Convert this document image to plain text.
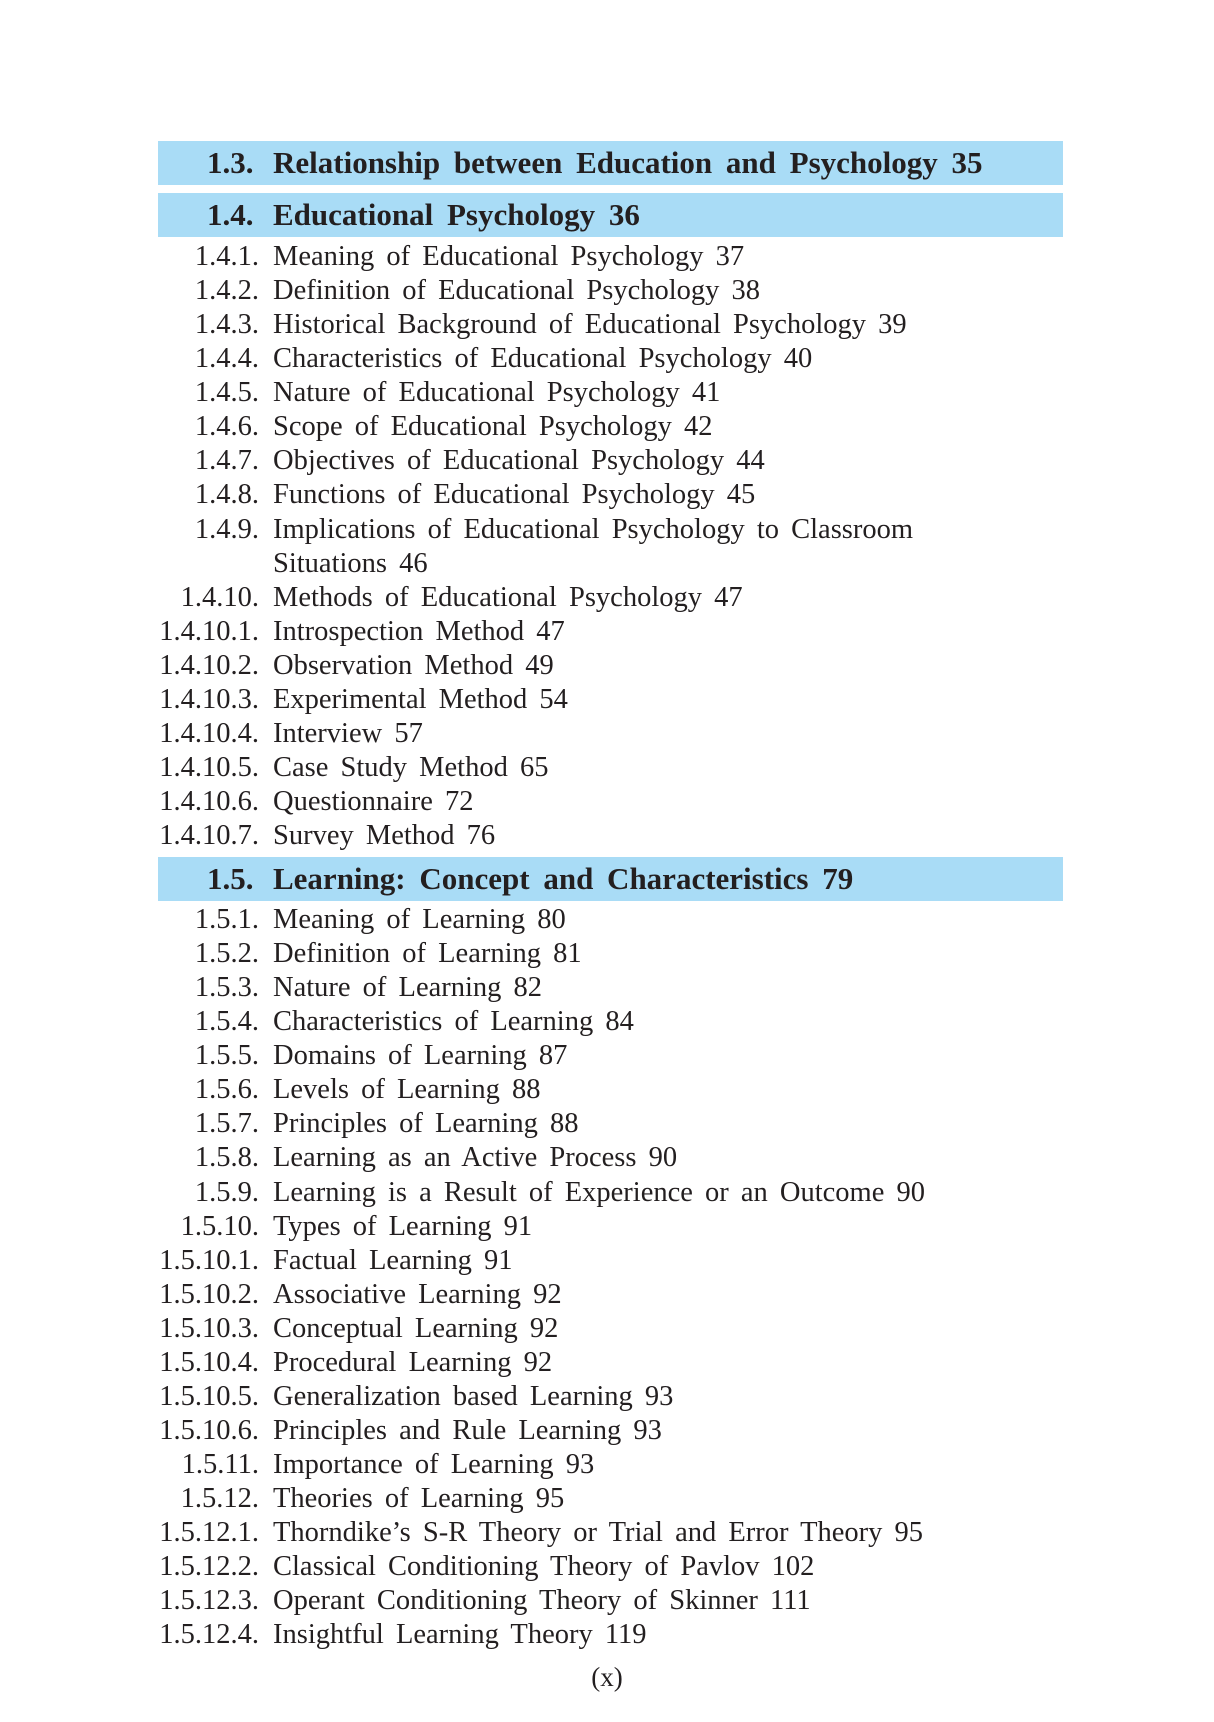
1.3. Relationship between Education and Psychology 35
1.4. Educational Psychology 36
1.4.1. Meaning of Educational Psychology 37
1.4.2. Definition of Educational Psychology 38
1.4.3. Historical Background of Educational Psychology 39
1.4.4. Characteristics of Educational Psychology 40
1.4.5. Nature of Educational Psychology 41
1.4.6. Scope of Educational Psychology 42
1.4.7. Objectives of Educational Psychology 44
1.4.8. Functions of Educational Psychology 45
1.4.9. Implications of Educational Psychology to Classroom
Situations 46
1.4.10. Methods of Educational Psychology 47
1.4.10.1. Introspection Method 47
1.4.10.2. Observation Method 49
1.4.10.3. Experimental Method 54
1.4.10.4. Interview 57
1.4.10.5. Case Study Method 65
1.4.10.6. Questionnaire 72
1.4.10.7. Survey Method 76
1.5. Learning: Concept and Characteristics 79
1.5.1. Meaning of Learning 80
1.5.2. Definition of Learning 81
1.5.3. Nature of Learning 82
1.5.4. Characteristics of Learning 84
1.5.5. Domains of Learning 87
1.5.6. Levels of Learning 88
1.5.7. Principles of Learning 88
1.5.8. Learning as an Active Process 90
1.5.9. Learning is a Result of Experience or an Outcome 90
1.5.10. Types of Learning 91
1.5.10.1. Factual Learning 91
1.5.10.2. Associative Learning 92
1.5.10.3. Conceptual Learning 92
1.5.10.4. Procedural Learning 92
1.5.10.5. Generalization based Learning 93
1.5.10.6. Principles and Rule Learning 93
1.5.11. Importance of Learning 93
1.5.12. Theories of Learning 95
1.5.12.1. Thorndike’s S-R Theory or Trial and Error Theory 95
1.5.12.2. Classical Conditioning Theory of Pavlov 102
1.5.12.3. Operant Conditioning Theory of Skinner 111
1.5.12.4. Insightful Learning Theory 119
(x)
